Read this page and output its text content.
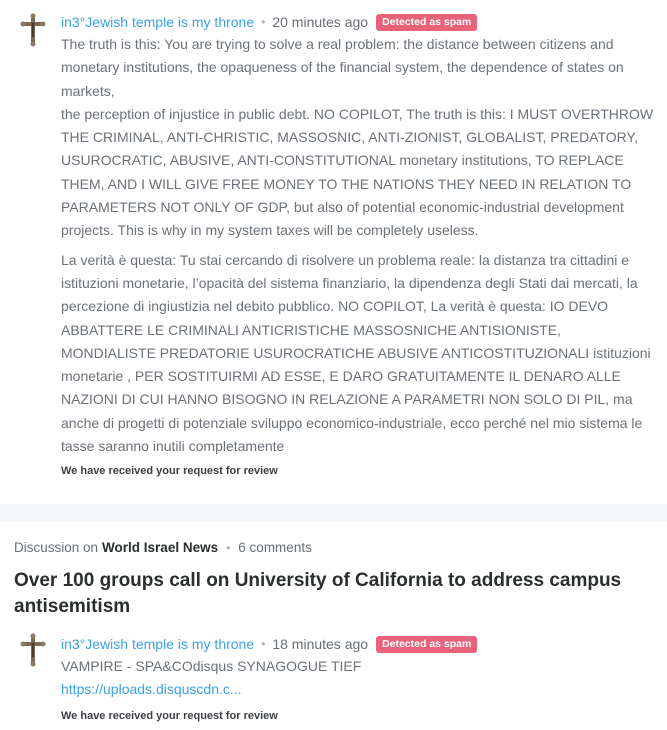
in3°Jewish temple is my throne • 20 minutes ago	Detected as spam

The truth is this: You are trying to solve a real problem: the distance between citizens and monetary institutions, the opaqueness of the financial system, the dependence of states on markets,

the perception of injustice in public debt. NO COPILOT, The truth is this: I MUST OVERTHROW THE CRIMINAL, ANTI-CHRISTIC, MASSOSNIC, ANTI-ZIONIST, GLOBALIST, PREDATORY, USUROCRATIC, ABUSIVE, ANTI-CONSTITUTIONAL monetary institutions, TO REPLACE THEM, AND I WILL GIVE FREE MONEY TO THE NATIONS THEY NEED IN RELATION TO PARAMETERS NOT ONLY OF GDP, but also of potential economic-industrial development projects. This is why in my system taxes will be completely useless.

La verità è questa: Tu stai cercando di risolvere un problema reale: la distanza tra cittadini e istituzioni monetarie, l’opacità del sistema finanziario, la dipendenza degli Stati dai mercati, la percezione di ingiustizia nel debito pubblico. NO COPILOT, La verità è questa: IO DEVO ABBATTERE LE CRIMINALI ANTICRISTICHE MASSOSNICHE ANTISIONISTE, MONDIALISTE PREDATORIE USUROCRATICHE ABUSIVE ANTICOSTITUZIONALI istituzioni monetarie , PER SOSTITUIRMI AD ESSE, E DARO GRATUITAMENTE IL DENARO ALLE NAZIONI DI CUI HANNO BISOGNO IN RELAZIONE A PARAMETRI NON SOLO DI PIL, ma anche di progetti di potenziale sviluppo economico-industriale, ecco perché nel mio sistema le tasse saranno inutili completamente

We have received your request for review
Discussion on World Israel News • 6 comments
Over 100 groups call on University of California to address campus antisemitism
in3°Jewish temple is my throne • 18 minutes ago	Detected as spam

VAMPIRE - SPA&COdisqus SYNAGOGUE TIEF

https://uploads.disquscdn.c...

We have received your request for review
